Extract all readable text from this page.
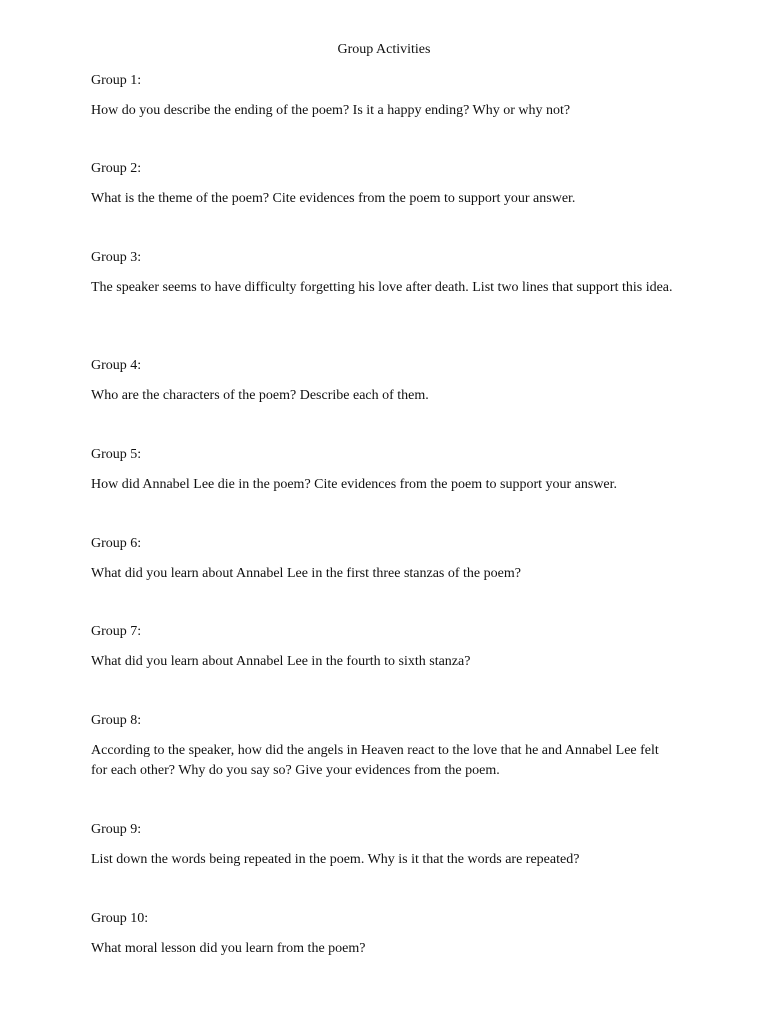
Group Activities

Group 1:

How do you describe the ending of the poem? Is it a happy ending? Why or why not?

Group 2:

What is the theme of the poem? Cite evidences from the poem to support your answer.

Group 3:

The speaker seems to have difficulty forgetting his love after death. List two lines that support this idea.

Group 4:

Who are the characters of the poem? Describe each of them.

Group 5:

How did Annabel Lee die in the poem? Cite evidences from the poem to support your answer.

Group 6:

What did you learn about Annabel Lee in the first three stanzas of the poem?

Group 7:

What did you learn about Annabel Lee in the fourth to sixth stanza?

Group 8:

According to the speaker, how did the angels in Heaven react to the love that he and Annabel Lee felt for each other? Why do you say so? Give your evidences from the poem.

Group 9:

List down the words being repeated in the poem. Why is it that the words are repeated?

Group 10:

What moral lesson did you learn from the poem?
